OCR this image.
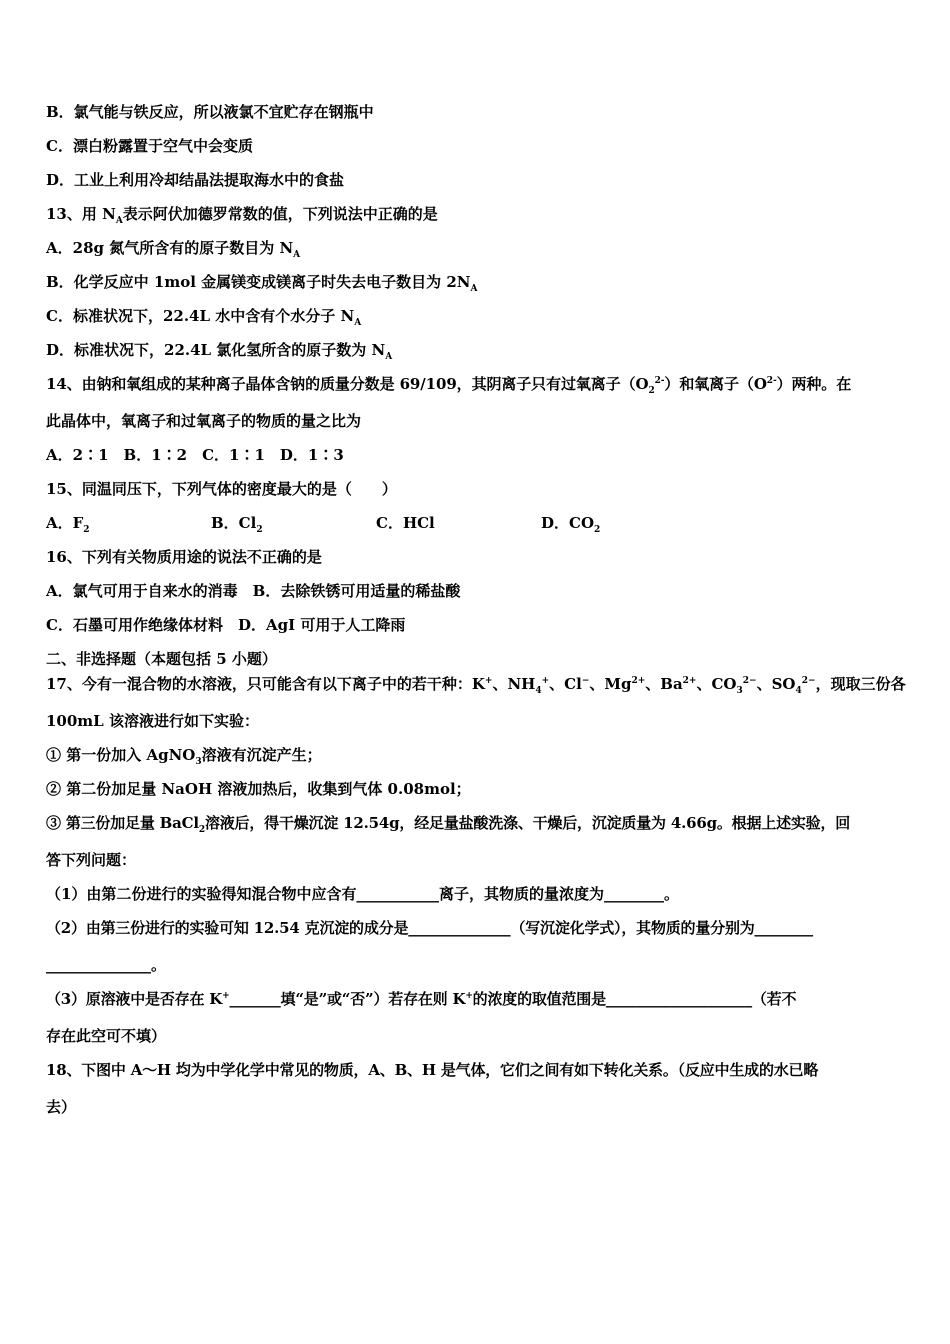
B．氯气能与铁反应，所以液氯不宜贮存在钢瓶中
C．漂白粉露置于空气中会变质
D．工业上利用冷却结晶法提取海水中的食盐
13、用 $N_A$表示阿伏加德罗常数的值，下列说法中正确的是
A．28g 氮气所含有的原子数目为 $N_A$
B．化学反应中 1mol 金属镁变成镁离子时失去电子数目为 $2N_A$
C．标准状况下，22.4L 水中含有个水分子 $N_A$
D．标准状况下，22.4L 氯化氢所含的原子数为 $N_A$
14、由钠和氧组成的某种离子晶体含钠的质量分数是 69/109，其阴离子只有过氧离子$(O_2^{2-})$和氧离子$(O^{2-})$两种。在
此晶体中，氧离子和过氧离子的物质的量之比为
A．2∶1　B．1∶2　C．1∶1　D．1∶3
15、同温同压下，下列气体的密度最大的是（　　）
A．$F_2$	B．$Cl_2$	C．HCl	D．$CO_2$
16、下列有关物质用途的说法不正确的是
A．氯气可用于自来水的消毒　B．去除铁锈可用适量的稀盐酸
C．石墨可用作绝缘体材料　D．AgI 可用于人工降雨
二、非选择题（本题包括 5 小题）
17、今有一混合物的水溶液，只可能含有以下离子中的若干种：K+、$NH_4^+$、Cl−、$Mg^{2+}$、$Ba^{2+}$、$CO_3^{2-}$、$SO_4^{2-}$，现取三份各
100mL 该溶液进行如下实验：
① 第一份加入 AgNO$_3$溶液有沉淀产生；
② 第二份加足量 NaOH 溶液加热后，收集到气体 0.08mol；
③ 第三份加足量 BaCl$_2$溶液后，得干燥沉淀 12.54g，经足量盐酸洗涤、干燥后，沉淀质量为 4.66g。根据上述实验，回
答下列问题：
（1）由第二份进行的实验得知混合物中应含有___________离子，其物质的量浓度为________。
（2）由第三份进行的实验可知 12.54 克沉淀的成分是______________（写沉淀化学式），其物质的量分别为________
______________。
（3）原溶液中是否存在 K+_______填“是”或“否”）若存在则 K+的浓度的取值范围是____________________（若不
存在此空可不填）
18、下图中 A～H 均为中学化学中常见的物质，A、B、H 是气体，它们之间有如下转化关系。（反应中生成的水已略
去）
